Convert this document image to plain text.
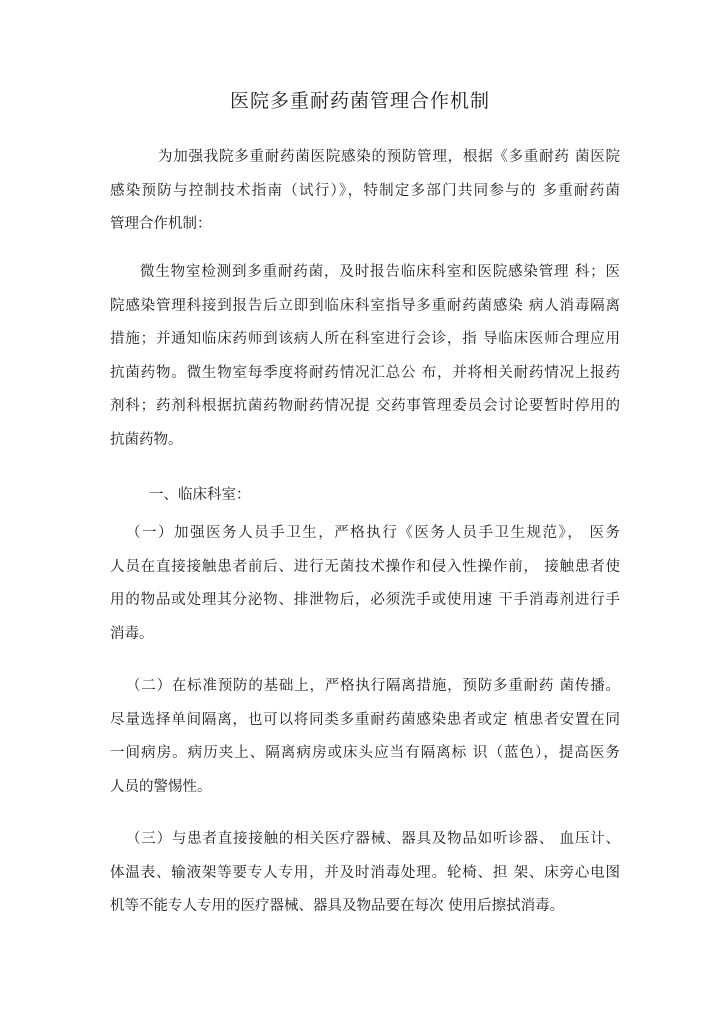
医院多重耐药菌管理合作机制
为加强我院多重耐药菌医院感染的预防管理，根据《多重耐药 菌医院
感染预防与控制技术指南（试行）》，特制定多部门共同参与的 多重耐药菌
管理合作机制：
微生物室检测到多重耐药菌，及时报告临床科室和医院感染管理 科；医
院感染管理科接到报告后立即到临床科室指导多重耐药菌感染 病人消毒隔离
措施；并通知临床药师到该病人所在科室进行会诊，指 导临床医师合理应用
抗菌药物。微生物室每季度将耐药情况汇总公 布，并将相关耐药情况上报药
剂科；药剂科根据抗菌药物耐药情况提 交药事管理委员会讨论要暂时停用的
抗菌药物。

一、临床科室：

（一）加强医务人员手卫生，严格执行《医务人员手卫生规范》， 医务
人员在直接接触患者前后、进行无菌技术操作和侵入性操作前， 接触患者使
用的物品或处理其分泌物、排泄物后，必须洗手或使用速 干手消毒剂进行手
消毒。
（二）在标准预防的基础上，严格执行隔离措施，预防多重耐药 菌传播。
尽量选择单间隔离，也可以将同类多重耐药菌感染患者或定 植患者安置在同
一间病房。病历夹上、隔离病房或床头应当有隔离标 识（蓝色），提高医务
人员的警惕性。
（三）与患者直接接触的相关医疗器械、器具及物品如听诊器、 血压计、
体温表、输液架等要专人专用，并及时消毒处理。轮椅、担 架、床旁心电图
机等不能专人专用的医疗器械、器具及物品要在每次 使用后擦拭消毒。
